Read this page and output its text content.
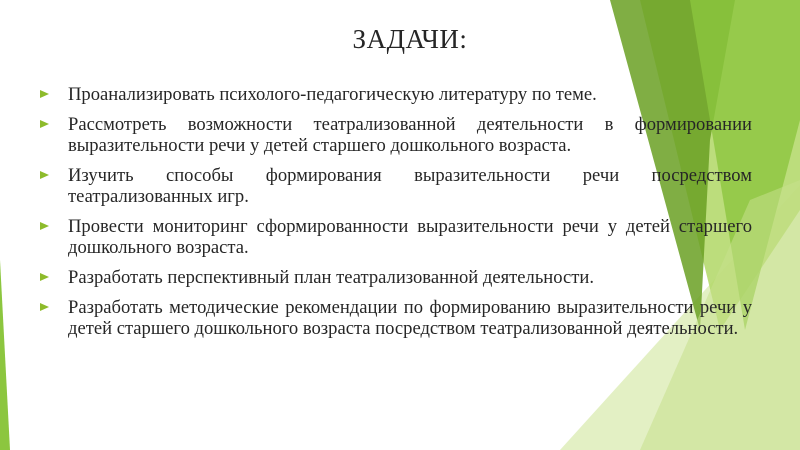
ЗАДАЧИ:
Проанализировать психолого-педагогическую литературу по теме.
Рассмотреть возможности театрализованной деятельности в формировании выразительности речи у детей старшего дошкольного возраста.
Изучить способы формирования выразительности речи посредством театрализованных игр.
Провести мониторинг сформированности выразительности речи у детей старшего дошкольного возраста.
Разработать перспективный план театрализованной деятельности.
Разработать методические рекомендации по формированию выразительности речи у детей старшего дошкольного возраста посредством театрализованной деятельности.
